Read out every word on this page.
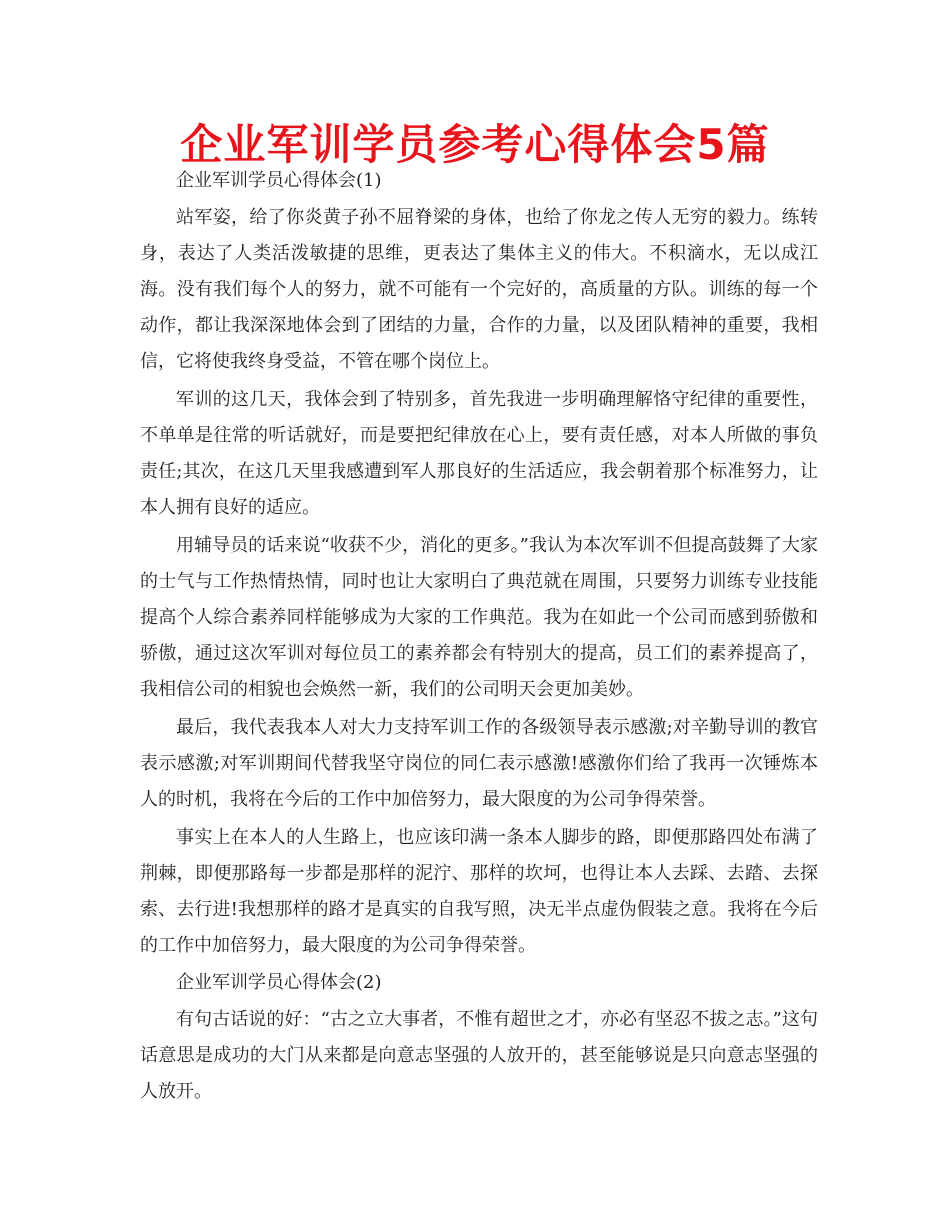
企业军训学员参考心得体会5篇

企业军训学员心得体会(1)

站军姿，给了你炎黄子孙不屈脊梁的身体，也给了你龙之传人无穷的毅力。练转身，表达了人类活泼敏捷的思维，更表达了集体主义的伟大。不积滴水，无以成江海。没有我们每个人的努力，就不可能有一个完好的，高质量的方队。训练的每一个动作，都让我深深地体会到了团结的力量，合作的力量，以及团队精神的重要，我相信，它将使我终身受益，不管在哪个岗位上。

军训的这几天，我体会到了特别多，首先我进一步明确理解恪守纪律的重要性，不单单是往常的听话就好，而是要把纪律放在心上，要有责任感，对本人所做的事负责任;其次，在这几天里我感遭到军人那良好的生活适应，我会朝着那个标准努力，让本人拥有良好的适应。

用辅导员的话来说“收获不少，消化的更多。”我认为本次军训不但提高鼓舞了大家的士气与工作热情热情，同时也让大家明白了典范就在周围，只要努力训练专业技能提高个人综合素养同样能够成为大家的工作典范。我为在如此一个公司而感到骄傲和骄傲，通过这次军训对每位员工的素养都会有特别大的提高，员工们的素养提高了，我相信公司的相貌也会焕然一新，我们的公司明天会更加美妙。

最后，我代表我本人对大力支持军训工作的各级领导表示感激;对辛勤导训的教官表示感激;对军训期间代替我坚守岗位的同仁表示感激!感激你们给了我再一次锤炼本人的时机，我将在今后的工作中加倍努力，最大限度的为公司争得荣誉。

事实上在本人的人生路上，也应该印满一条本人脚步的路，即便那路四处布满了荆棘，即便那路每一步都是那样的泥泞、那样的坎坷，也得让本人去踩、去踏、去探索、去行进!我想那样的路才是真实的自我写照，决无半点虚伪假装之意。我将在今后的工作中加倍努力，最大限度的为公司争得荣誉。

企业军训学员心得体会(2)

有句古话说的好：“古之立大事者，不惟有超世之才，亦必有坚忍不拔之志。”这句话意思是成功的大门从来都是向意志坚强的人放开的，甚至能够说是只向意志坚强的人放开。
